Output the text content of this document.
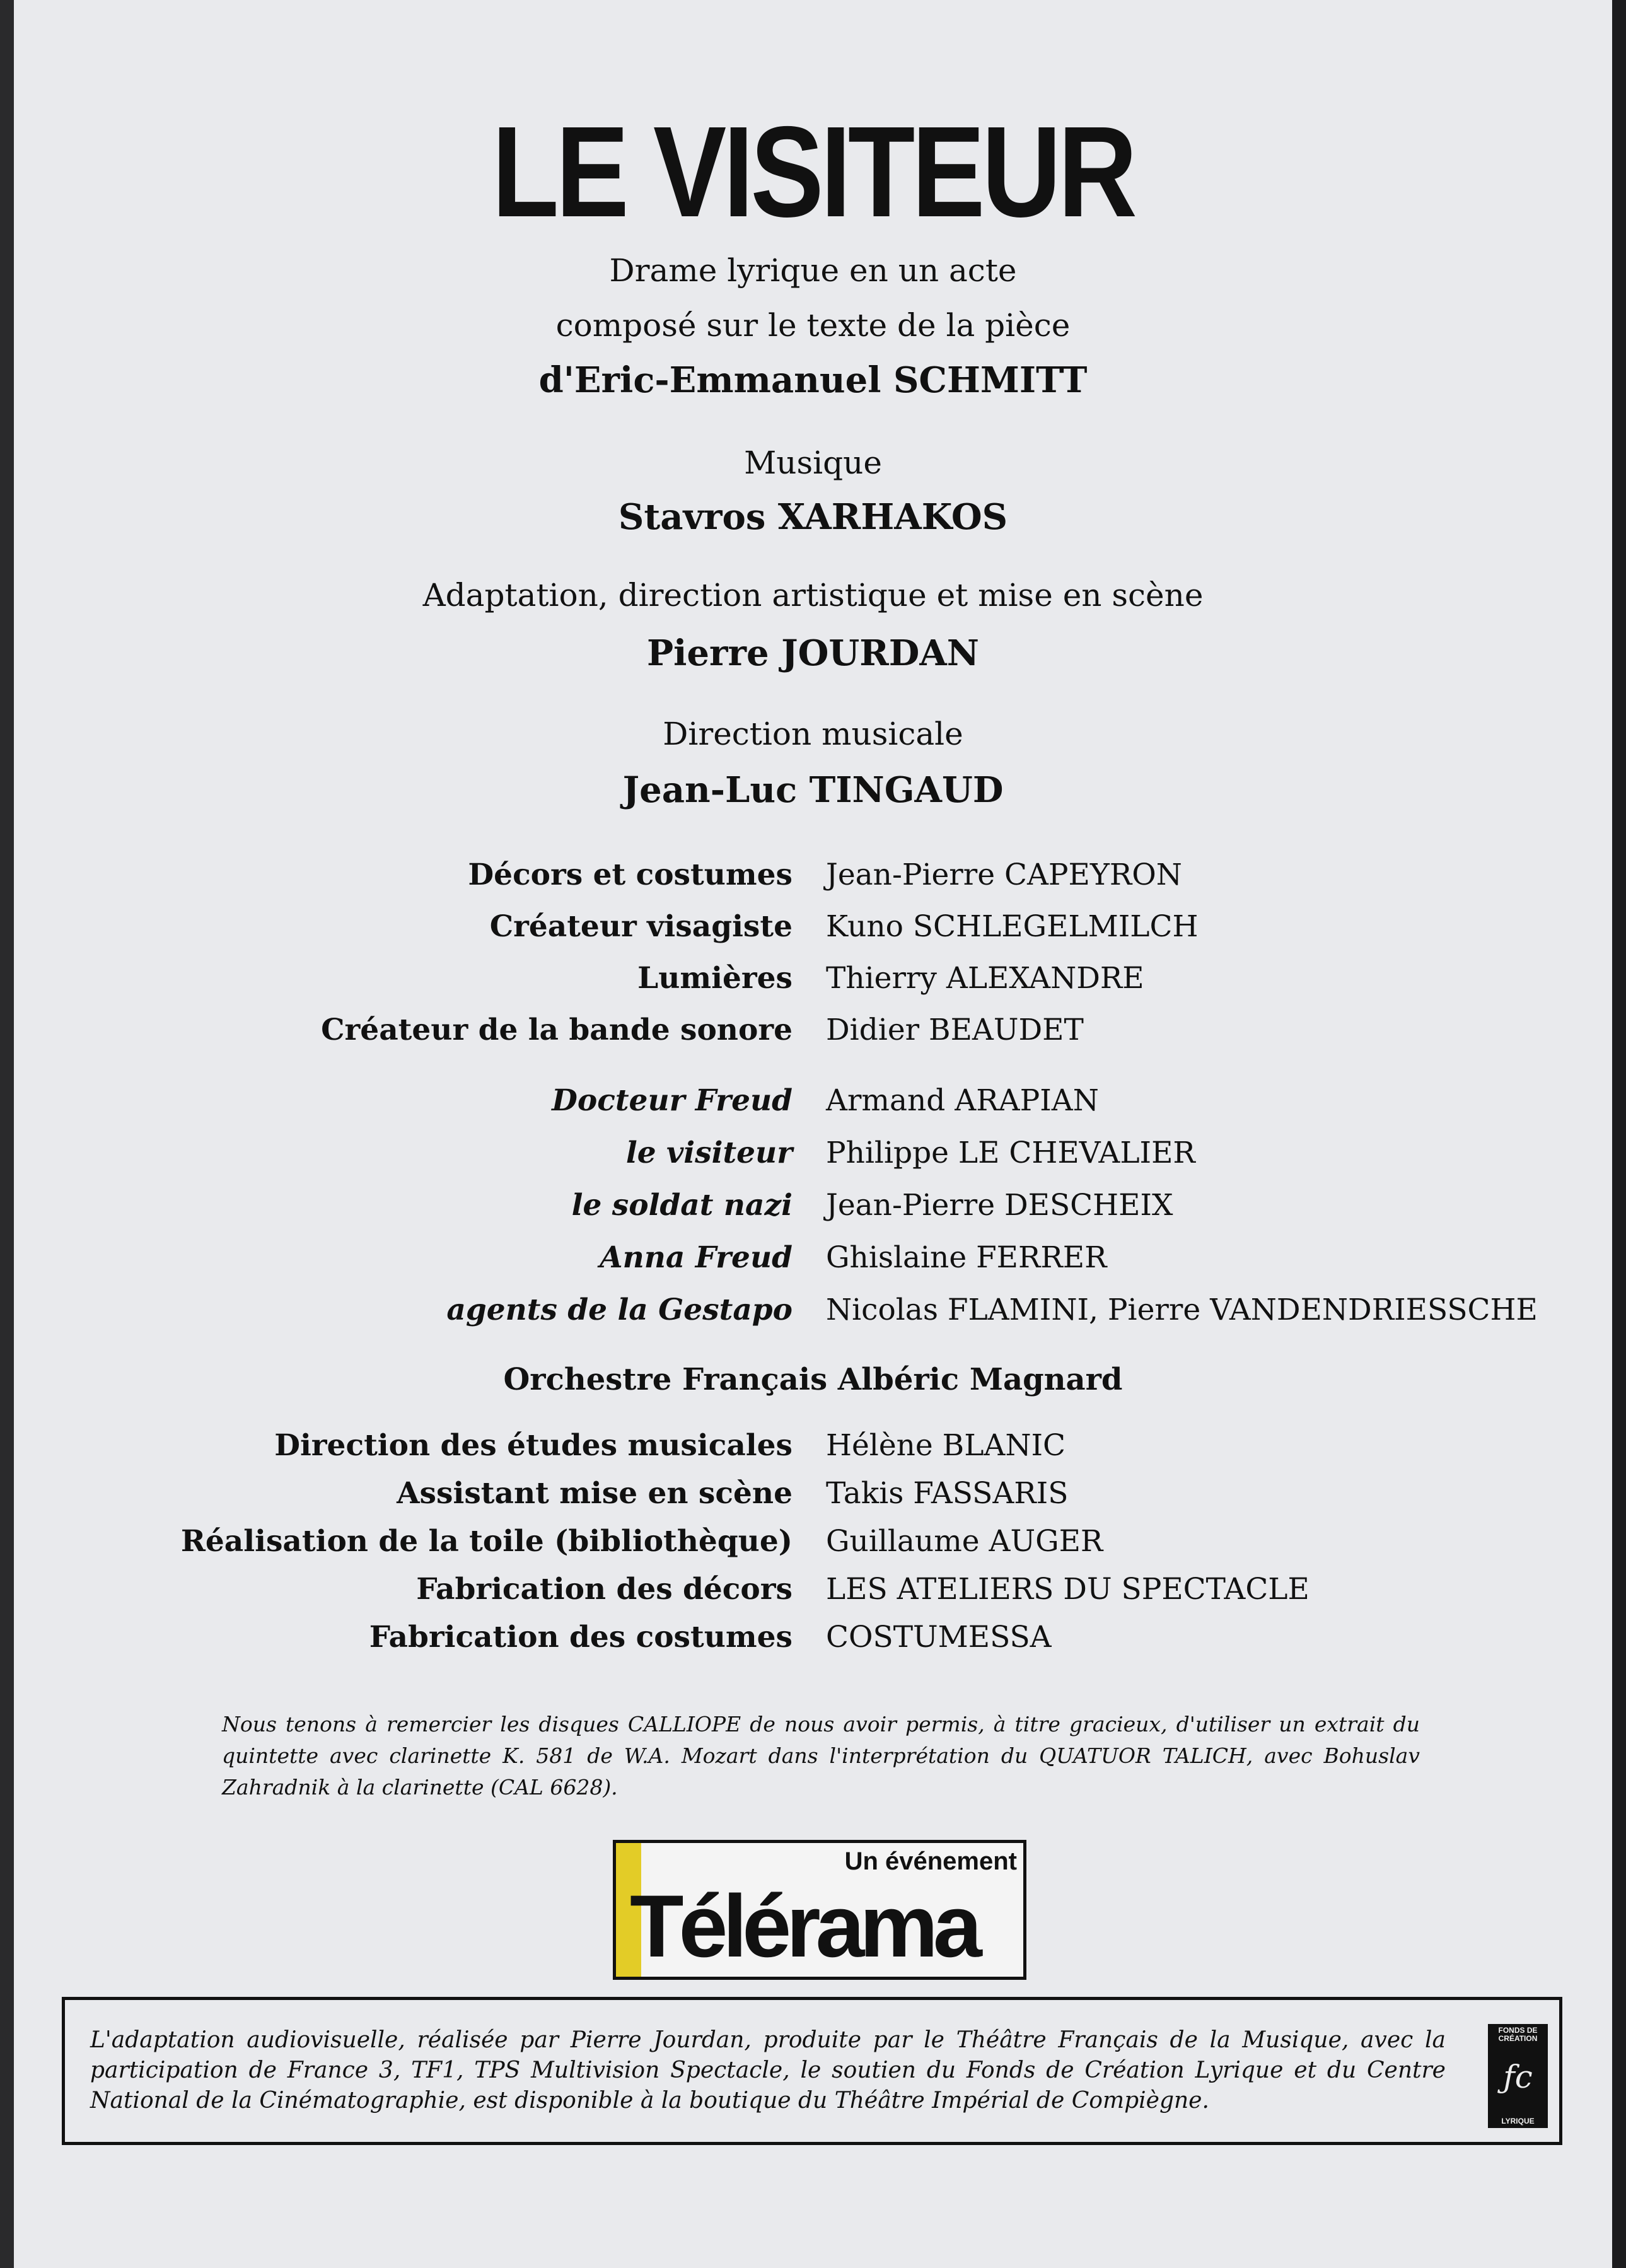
LE VISITEUR
Drame lyrique en un acte
composé sur le texte de la pièce
d'Eric-Emmanuel SCHMITT
Musique
Stavros XARHAKOS
Adaptation, direction artistique et mise en scène
Pierre JOURDAN
Direction musicale
Jean-Luc TINGAUD
Décors et costumes Jean-Pierre CAPEYRON
Créateur visagiste Kuno SCHLEGELMILCH
Lumières Thierry ALEXANDRE
Créateur de la bande sonore Didier BEAUDET
Docteur Freud Armand ARAPIAN
le visiteur Philippe LE CHEVALIER
le soldat nazi Jean-Pierre DESCHEIX
Anna Freud Ghislaine FERRER
agents de la Gestapo Nicolas FLAMINI, Pierre VANDENDRIESSCHE
Orchestre Français Albéric Magnard
Direction des études musicales Hélène BLANIC
Assistant mise en scène Takis FASSARIS
Réalisation de la toile (bibliothèque) Guillaume AUGER
Fabrication des décors LES ATELIERS DU SPECTACLE
Fabrication des costumes COSTUMESSA
Nous tenons à remercier les disques CALLIOPE de nous avoir permis, à titre gracieux, d'utiliser un extrait du quintette avec clarinette K. 581 de W.A. Mozart dans l'interprétation du QUATUOR TALICH, avec Bohuslav Zahradnik à la clarinette (CAL 6628).
Un événement
Télérama

L'adaptation audiovisuelle, réalisée par Pierre Jourdan, produite par le Théâtre Français de la Musique, avec la participation de France 3, TF1, TPS Multivision Spectacle, le soutien du Fonds de Création Lyrique et du Centre National de la Cinématographie, est disponible à la boutique du Théâtre Impérial de Compiègne.

FONDS DE CRÉATION
ƒc
LYRIQUE
